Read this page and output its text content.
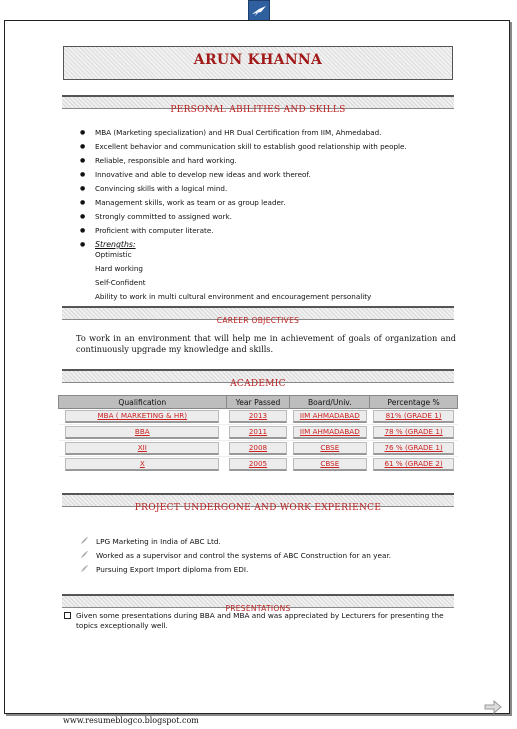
ARUN KHANNA
PERSONAL ABILITIES AND SKILLS
● MBA (Marketing specialization) and HR Dual Certification from IIM, Ahmedabad.
● Excellent behavior and communication skill to establish good relationship with people.
● Reliable, responsible and hard working.
● Innovative and able to develop new ideas and work thereof.
● Convincing skills with a logical mind.
● Management skills, work as team or as group leader.
● Strongly committed to assigned work.
● Proficient with computer literate.
● Strengths:
Optimistic
Hard working
Self-Confident
Ability to work in multi cultural environment and encouragement personality
CAREER OBJECTIVES

To work in an environment that will help me in achievement of goals of organization and continuously upgrade my knowledge and skills.

ACADEMIC
Qualification	Year Passed	Board/Univ.	Percentage %
MBA ( MARKETING & HR)	2013	IIM AHMADABAD	81% (GRADE 1)
BBA	2011	IIM AHMADABAD	78 % (GRADE 1)
XII	2008	CBSE	76 % (GRADE 1)
X	2005	CBSE	61 % (GRADE 2)
PROJECT UNDERGONE AND WORK EXPERIENCE
LPG Marketing in India of ABC Ltd.
Worked as a supervisor and control the systems of ABC Construction for an year.
Pursuing Export Import diploma from EDI.
PRESENTATIONS
Given some presentations during BBA and MBA and was appreciated by Lecturers for presenting the topics exceptionally well.
www.resumeblogco.blogspot.com
